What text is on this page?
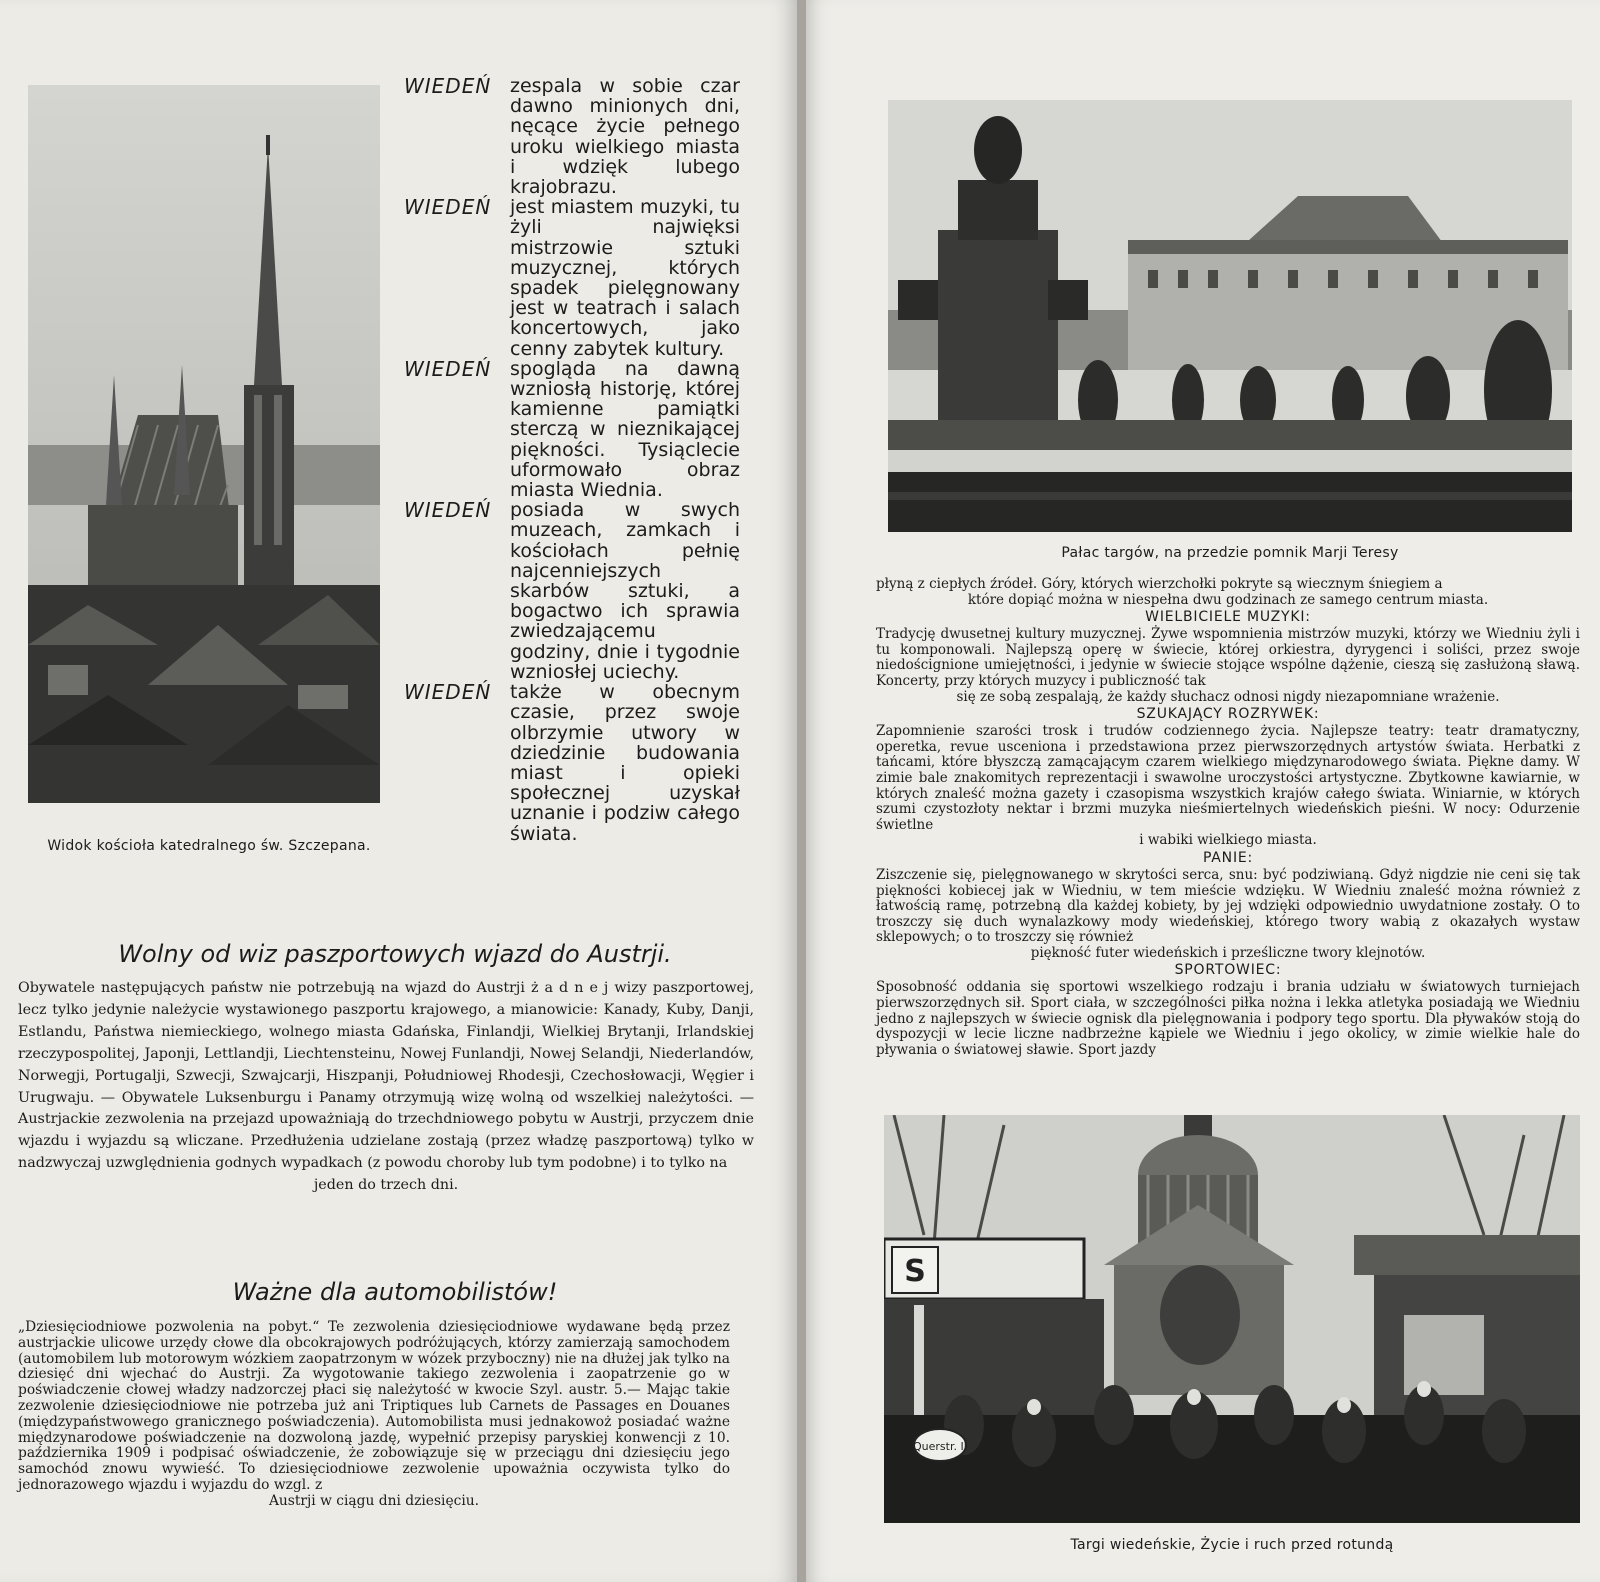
Widok kościoła katedralnego św. Szczepana.
WIEDEŃ zespala w sobie czar dawno minionych dni, nęcące życie pełnego uroku wielkiego miasta i wdzięk lubego krajobrazu.
WIEDEŃ jest miastem muzyki, tu żyli najwięksi mistrzowie sztuki muzycznej, których spadek pielęgnowany jest w teatrach i salach koncertowych, jako cenny zabytek kultury.
WIEDEŃ spogląda na dawną wzniosłą historję, której kamienne pamiątki sterczą w nieznikającej piękności. Tysiąclecie uformowało obraz miasta Wiednia.
WIEDEŃ posiada w swych muzeach, zamkach i kościołach pełnię najcenniejszych skarbów sztuki, a bogactwo ich sprawia zwiedzającemu godziny, dnie i tygodnie wzniosłej uciechy.
WIEDEŃ także w obecnym czasie, przez swoje olbrzymie utwory w dziedzinie budowania miast i opieki społecznej uzyskał uznanie i podziw całego świata.
Wolny od wiz paszportowych wjazd do Austrji.
Obywatele następujących państw nie potrzebują na wjazd do Austrji ż a d n e j wizy paszportowej, lecz tylko jedynie należycie wystawionego paszportu krajowego, a mianowicie: Kanady, Kuby, Danji, Estlandu, Państwa niemieckiego, wolnego miasta Gdańska, Finlandji, Wielkiej Brytanji, Irlandskiej rzeczypospolitej, Japonji, Lettlandji, Liechtensteinu, Nowej Funlandji, Nowej Selandji, Niederlandów, Norwegji, Portugalji, Szwecji, Szwajcarji, Hiszpanji, Południowej Rhodesji, Czechosłowacji, Węgier i Urugwaju. — Obywatele Luksenburgu i Panamy otrzymują wizę wolną od wszelkiej należytości. — Austrjackie zezwolenia na przejazd upoważniają do trzechdniowego pobytu w Austrji, przyczem dnie wjazdu i wyjazdu są wliczane. Przedłużenia udzielane zostają (przez władzę paszportową) tylko w nadzwyczaj uzwględnienia godnych wypadkach (z powodu choroby lub tym podobne) i to tylko na
jeden do trzech dni.
Ważne dla automobilistów!
„Dziesięciodniowe pozwolenia na pobyt.“ Te zezwolenia dziesięciodniowe wydawane będą przez austrjackie ulicowe urzędy cłowe dla obcokrajowych podróżujących, którzy zamierzają samochodem (automobilem lub motorowym wózkiem zaopatrzonym w wózek przyboczny) nie na dłużej jak tylko na dziesięć dni wjechać do Austrji. Za wygotowanie takiego zezwolenia i zaopatrzenie go w poświadczenie cłowej władzy nadzorczej płaci się należytość w kwocie Szyl. austr. 5.— Mając takie zezwolenie dziesięciodniowe nie potrzeba już ani Triptiques lub Carnets de Passages en Douanes (międzypaństwowego granicznego poświadczenia). Automobilista musi jednakowoż posiadać ważne międzynarodowe poświadczenie na dozwoloną jazdę, wypełnić przepisy paryskiej konwencji z 10. października 1909 i podpisać oświadczenie, że zobowiązuje się w przeciągu dni dziesięciu jego samochód znowu wywieść. To dziesięciodniowe zezwolenie upoważnia oczywista tylko do jednorazowego wjazdu i wyjazdu do wzgl. z
Austrji w ciągu dni dziesięciu.
Pałac targów, na przedzie pomnik Marji Teresy

płyną z ciepłych źródeł. Góry, których wierzchołki pokryte są wiecznym śniegiem a

które dopiąć można w niespełna dwu godzinach ze samego centrum miasta.

WIELBICIELE MUZYKI:

Tradycję dwusetnej kultury muzycznej. Żywe wspomnienia mistrzów muzyki, którzy we Wiedniu żyli i tu komponowali. Najlepszą operę w świecie, której orkiestra, dyrygenci i soliści, przez swoje niedoścignione umiejętności, i jedynie w świecie stojące wspólne dążenie, cieszą się zasłużoną sławą. Koncerty, przy których muzycy i publiczność tak

się ze sobą zespalają, że każdy słuchacz odnosi nigdy niezapomniane wrażenie.

SZUKAJĄCY ROZRYWEK:

Zapomnienie szarości trosk i trudów codziennego życia. Najlepsze teatry: teatr dramatyczny, operetka, revue usceniona i przedstawiona przez pierwszorzędnych artystów świata. Herbatki z tańcami, które błyszczą zamącającym czarem wielkiego międzynarodowego świata. Piękne damy. W zimie bale znakomitych reprezentacji i swawolne uroczystości artystyczne. Zbytkowne kawiarnie, w których znaleść można gazety i czasopisma wszystkich krajów całego świata. Winiarnie, w których szumi czystozłoty nektar i brzmi muzyka nieśmiertelnych wiedeńskich pieśni. W nocy: Odurzenie świetlne

i wabiki wielkiego miasta.

PANIE:

Ziszczenie się, pielęgnowanego w skrytości serca, snu: być podziwianą. Gdyż nigdzie nie ceni się tak piękności kobiecej jak w Wiedniu, w tem mieście wdzięku. W Wiedniu znaleść można również z łatwością ramę, potrzebną dla każdej kobiety, by jej wdzięki odpowiednio uwydatnione zostały. O to troszczy się duch wynalazkowy mody wiedeńskiej, którego twory wabią z okazałych wystaw sklepowych; o to troszczy się również

piękność futer wiedeńskich i prześliczne twory klejnotów.

SPORTOWIEC:

Sposobność oddania się sportowi wszelkiego rodzaju i brania udziału w światowych turniejach pierwszorzędnych sił. Sport ciała, w szczególności piłka nożna i lekka atletyka posiadają we Wiedniu jedno z najlepszych w świecie ognisk dla pielęgnowania i podpory tego sportu. Dla pływaków stoją do dyspozycji w lecie liczne nadbrzeżne kąpiele we Wiedniu i jego okolicy, w zimie wielkie hale do pływania o światowej sławie. Sport jazdy

S
Querstr. II
Targi wiedeńskie, Życie i ruch przed rotundą
